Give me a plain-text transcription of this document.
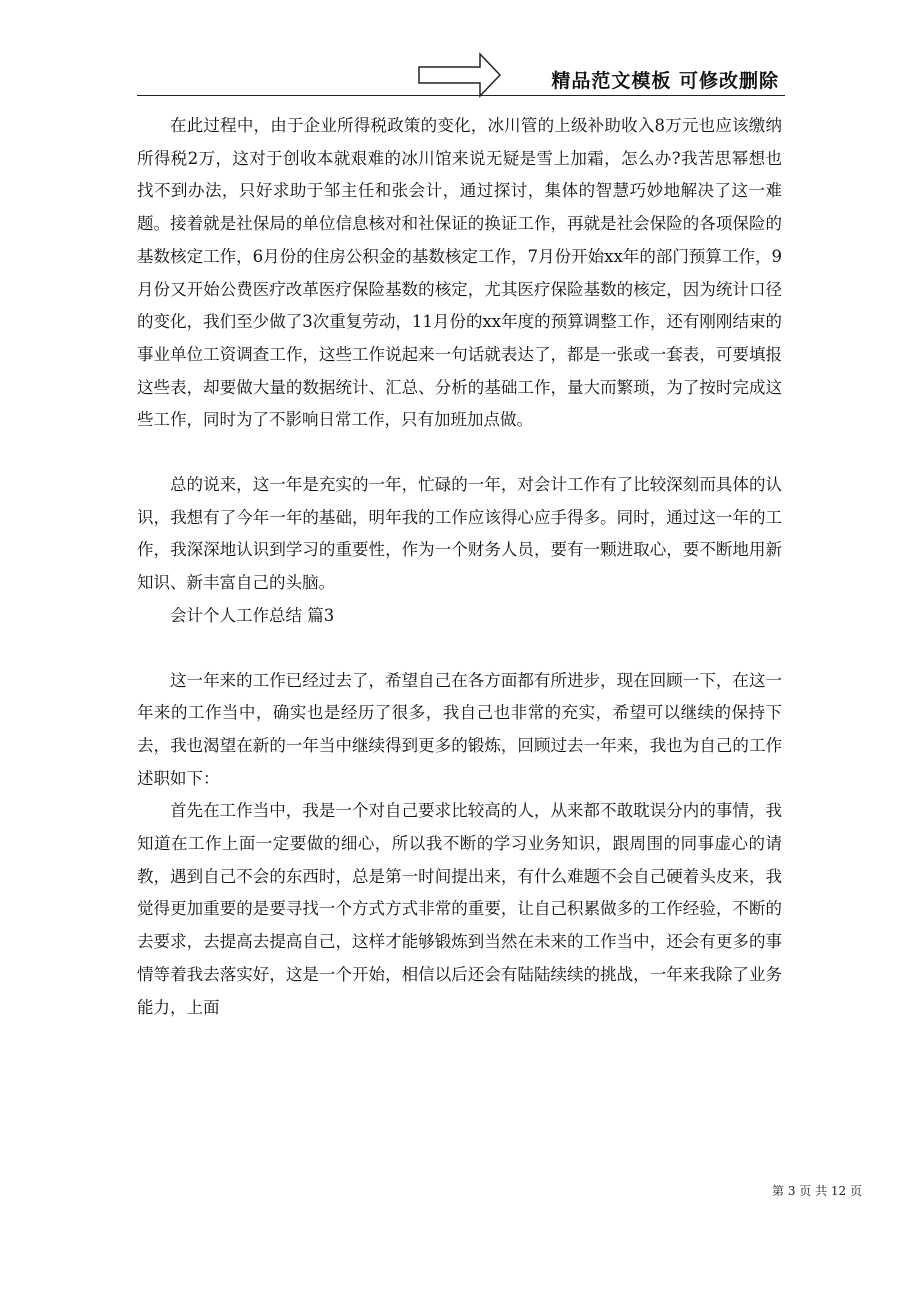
精品范文模板 可修改删除

在此过程中，由于企业所得税政策的变化，冰川管的上级补助收入8万元也应该缴纳所得税2万，这对于创收本就艰难的冰川馆来说无疑是雪上加霜，怎么办?我苦思幂想也找不到办法，只好求助于邹主任和张会计，通过探讨，集体的智慧巧妙地解决了这一难题。接着就是社保局的单位信息核对和社保证的换证工作，再就是社会保险的各项保险的基数核定工作，6月份的住房公积金的基数核定工作，7月份开始xx年的部门预算工作，9月份又开始公费医疗改革医疗保险基数的核定，尤其医疗保险基数的核定，因为统计口径的变化，我们至少做了3次重复劳动，11月份的xx年度的预算调整工作，还有刚刚结束的事业单位工资调查工作，这些工作说起来一句话就表达了，都是一张或一套表，可要填报这些表，却要做大量的数据统计、汇总、分析的基础工作，量大而繁琐，为了按时完成这些工作，同时为了不影响日常工作，只有加班加点做。

总的说来，这一年是充实的一年，忙碌的一年，对会计工作有了比较深刻而具体的认识，我想有了今年一年的基础，明年我的工作应该得心应手得多。同时，通过这一年的工作，我深深地认识到学习的重要性，作为一个财务人员，要有一颗进取心，要不断地用新知识、新丰富自己的头脑。

会计个人工作总结 篇3

这一年来的工作已经过去了，希望自己在各方面都有所进步，现在回顾一下，在这一年来的工作当中，确实也是经历了很多，我自己也非常的充实，希望可以继续的保持下去，我也渴望在新的一年当中继续得到更多的锻炼，回顾过去一年来，我也为自己的工作述职如下：

首先在工作当中，我是一个对自己要求比较高的人，从来都不敢耽误分内的事情，我知道在工作上面一定要做的细心，所以我不断的学习业务知识，跟周围的同事虚心的请教，遇到自己不会的东西时，总是第一时间提出来，有什么难题不会自己硬着头皮来，我觉得更加重要的是要寻找一个方式方式非常的重要，让自己积累做多的工作经验，不断的去要求，去提高去提高自己，这样才能够锻炼到当然在未来的工作当中，还会有更多的事情等着我去落实好，这是一个开始，相信以后还会有陆陆续续的挑战，一年来我除了业务能力，上面

第 3 页 共 12 页
